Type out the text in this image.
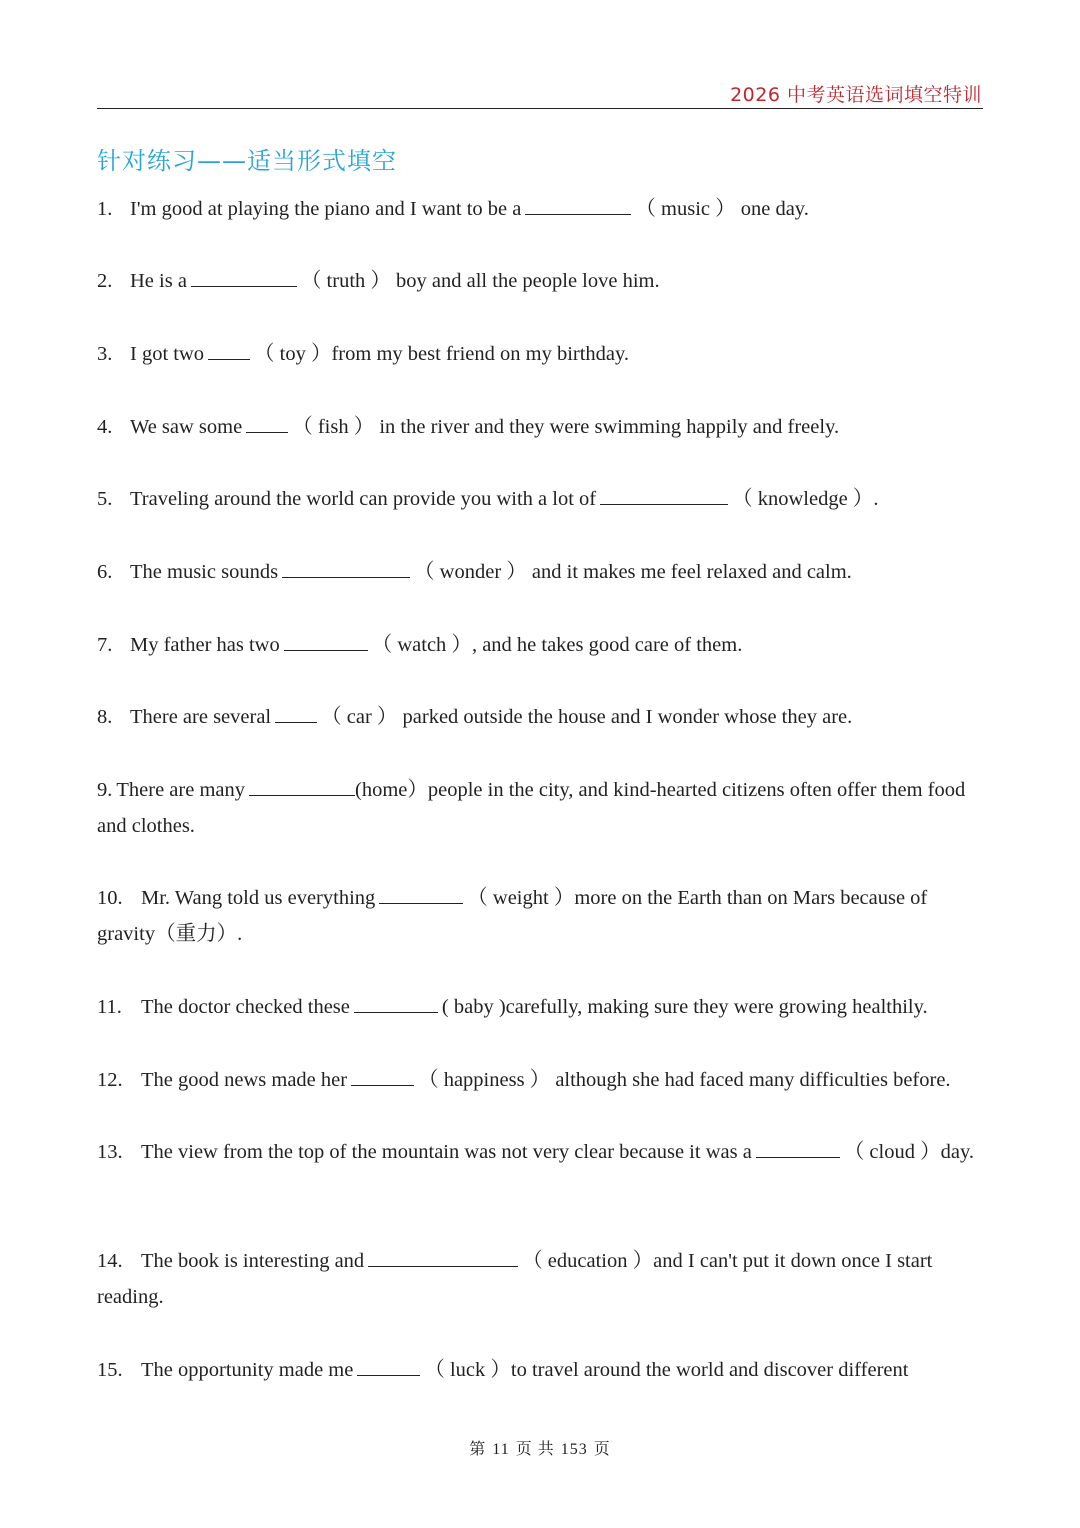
2026 中考英语选词填空特训
针对练习——适当形式填空
1. I'm good at playing the piano and I want to be a	（ music ） one day.
2. He is a	（ truth ） boy and all the people love him.
3. I got two （ toy ）from my best friend on my birthday.
4. We saw some （ fish ） in the river and they were swimming happily and freely.
5. Traveling around the world can provide you with a lot of	（ knowledge ）.
6. The music sounds	（ wonder ） and it makes me feel relaxed and calm.
7. My father has two	（ watch ）, and he takes good care of them.
8. There are several （ car ） parked outside the house and I wonder whose they are.
9. There are many	(home）people in the city, and kind-hearted citizens often offer them food and clothes.
10. Mr. Wang told us everything	（ weight ）more on the Earth than on Mars because of gravity（重力）.
11. The doctor checked these	( baby )carefully, making sure they were growing healthily.
12. The good news made her	（ happiness ） although she had faced many difficulties before.
13. The view from the top of the mountain was not very clear because it was a	（ cloud ）day.
14. The book is interesting and	（ education ）and I can't put it down once I start reading.
15. The opportunity made me	（ luck ）to travel around the world and discover different
第 11 页 共 153 页
